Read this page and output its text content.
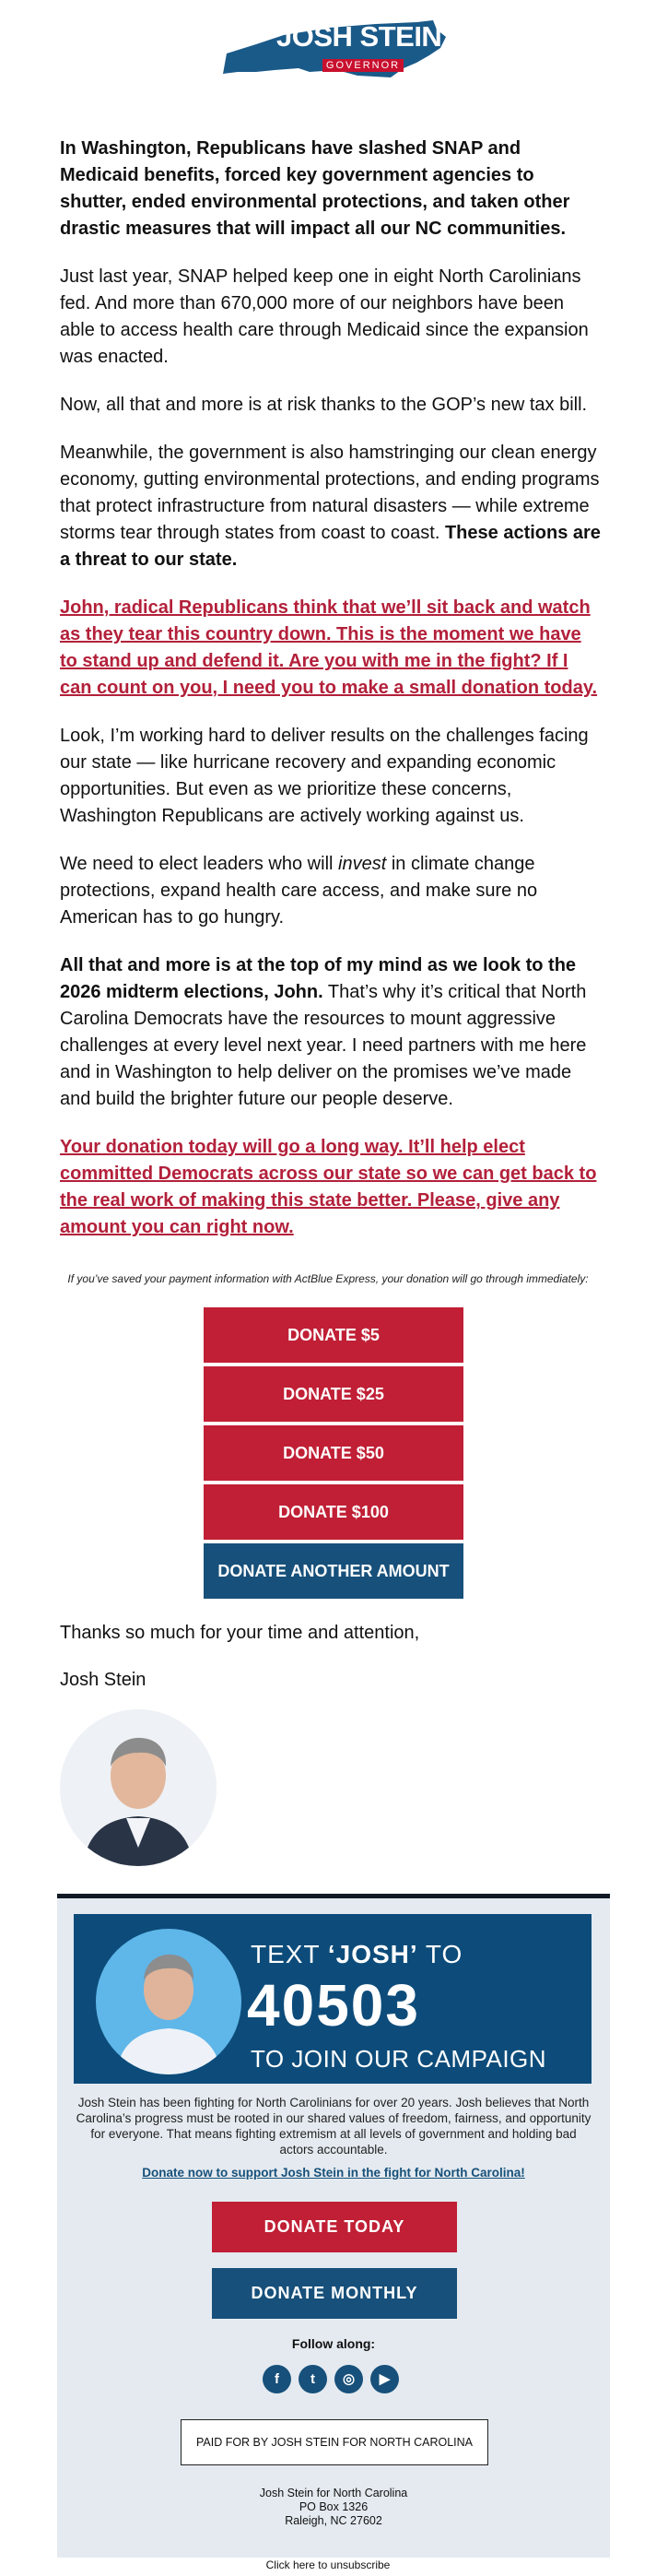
JOSH STEIN
GOVERNOR

In Washington, Republicans have slashed SNAP and Medicaid benefits, forced key government agencies to shutter, ended environmental protections, and taken other drastic measures that will impact all our NC communities.

Just last year, SNAP helped keep one in eight North Carolinians fed. And more than 670,000 more of our neighbors have been able to access health care through Medicaid since the expansion was enacted.

Now, all that and more is at risk thanks to the GOP’s new tax bill.

Meanwhile, the government is also hamstringing our clean energy economy, gutting environmental protections, and ending programs that protect infrastructure from natural disasters — while extreme storms tear through states from coast to coast. These actions are a threat to our state.

John, radical Republicans think that we’ll sit back and watch as they tear this country down. This is the moment we have to stand up and defend it. Are you with me in the fight? If I can count on you, I need you to make a small donation today.

Look, I’m working hard to deliver results on the challenges facing our state — like hurricane recovery and expanding economic opportunities. But even as we prioritize these concerns, Washington Republicans are actively working against us.

We need to elect leaders who will invest in climate change protections, expand health care access, and make sure no American has to go hungry.

All that and more is at the top of my mind as we look to the 2026 midterm elections, John. That’s why it’s critical that North Carolina Democrats have the resources to mount aggressive challenges at every level next year. I need partners with me here and in Washington to help deliver on the promises we’ve made and build the brighter future our people deserve.

Your donation today will go a long way. It’ll help elect committed Democrats across our state so we can get back to the real work of making this state better. Please, give any amount you can right now.
If you’ve saved your payment information with ActBlue Express, your donation will go through immediately:
DONATE $5
DONATE $25
DONATE $50
DONATE $100
DONATE ANOTHER AMOUNT
Thanks so much for your time and attention,
Josh Stein
TEXT ‘JOSH’ TO
40503
TO JOIN OUR CAMPAIGN
Josh Stein has been fighting for North Carolinians for over 20 years. Josh believes that North Carolina’s progress must be rooted in our shared values of freedom, fairness, and opportunity for everyone. That means fighting extremism at all levels of government and holding bad actors accountable.
Donate now to support Josh Stein in the fight for North Carolina!
DONATE TODAY
DONATE MONTHLY
Follow along:
f	t	◎	▶
PAID FOR BY JOSH STEIN FOR NORTH CAROLINA
Josh Stein for North Carolina
PO Box 1326
Raleigh, NC 27602
Click here to unsubscribe
